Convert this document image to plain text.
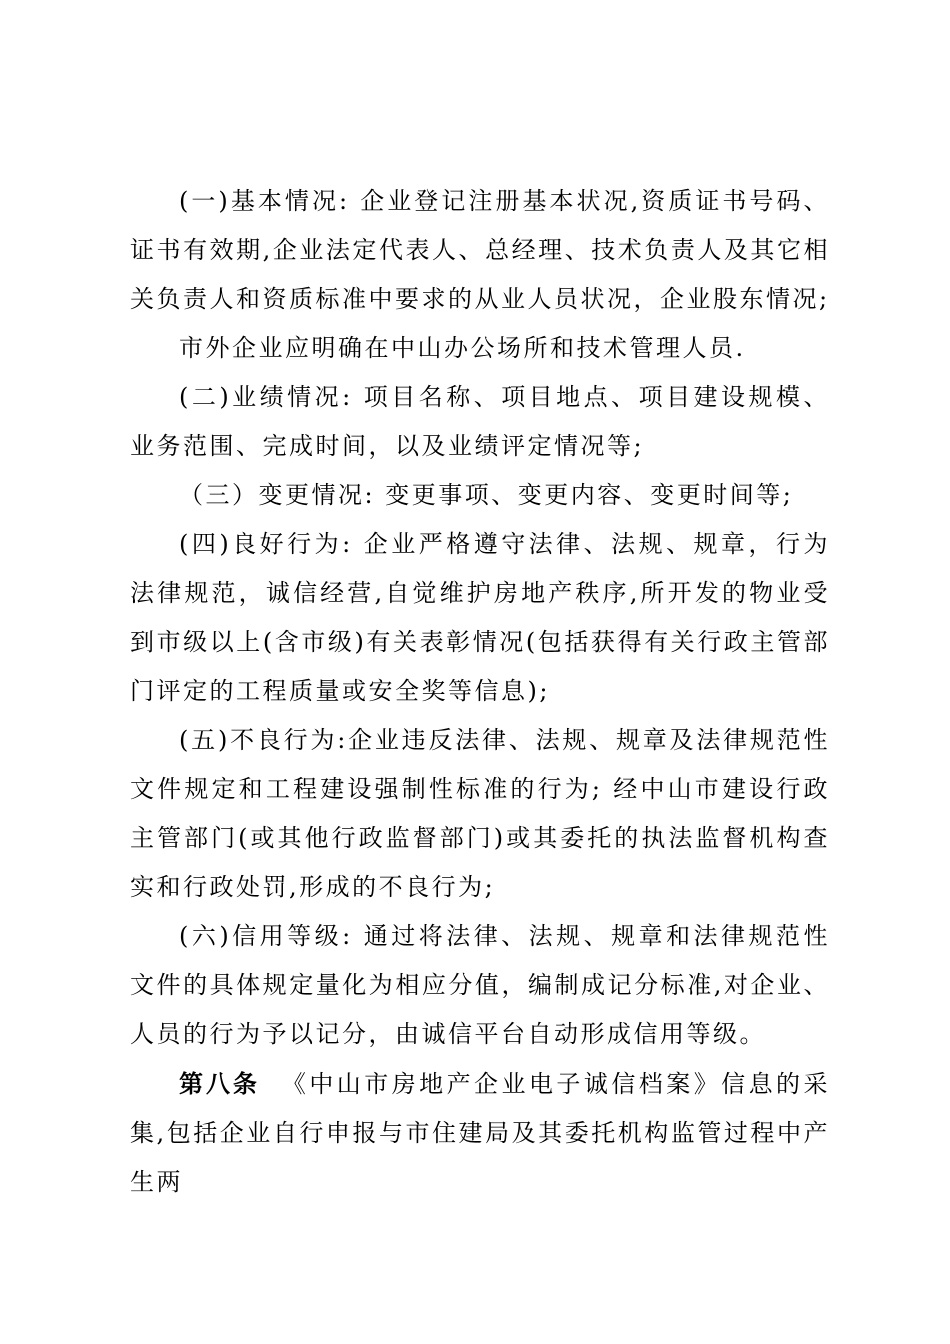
(一)基本情况: 企业登记注册基本状况,资质证书号码、证书有效期,企业法定代表人、总经理、技术负责人及其它相关负责人和资质标准中要求的从业人员状况，企业股东情况;

市外企业应明确在中山办公场所和技术管理人员.

(二)业绩情况: 项目名称、项目地点、项目建设规模、业务范围、完成时间，以及业绩评定情况等;

（三）变更情况: 变更事项、变更内容、变更时间等;

(四)良好行为: 企业严格遵守法律、法规、规章，行为法律规范，诚信经营,自觉维护房地产秩序,所开发的物业受到市级以上(含市级)有关表彰情况(包括获得有关行政主管部门评定的工程质量或安全奖等信息);

(五)不良行为:企业违反法律、法规、规章及法律规范性文件规定和工程建设强制性标准的行为; 经中山市建设行政主管部门(或其他行政监督部门)或其委托的执法监督机构查实和行政处罚,形成的不良行为;

(六)信用等级: 通过将法律、法规、规章和法律规范性文件的具体规定量化为相应分值，编制成记分标准,对企业、人员的行为予以记分，由诚信平台自动形成信用等级。

第八条 《中山市房地产企业电子诚信档案》信息的采集,包括企业自行申报与市住建局及其委托机构监管过程中产生两
